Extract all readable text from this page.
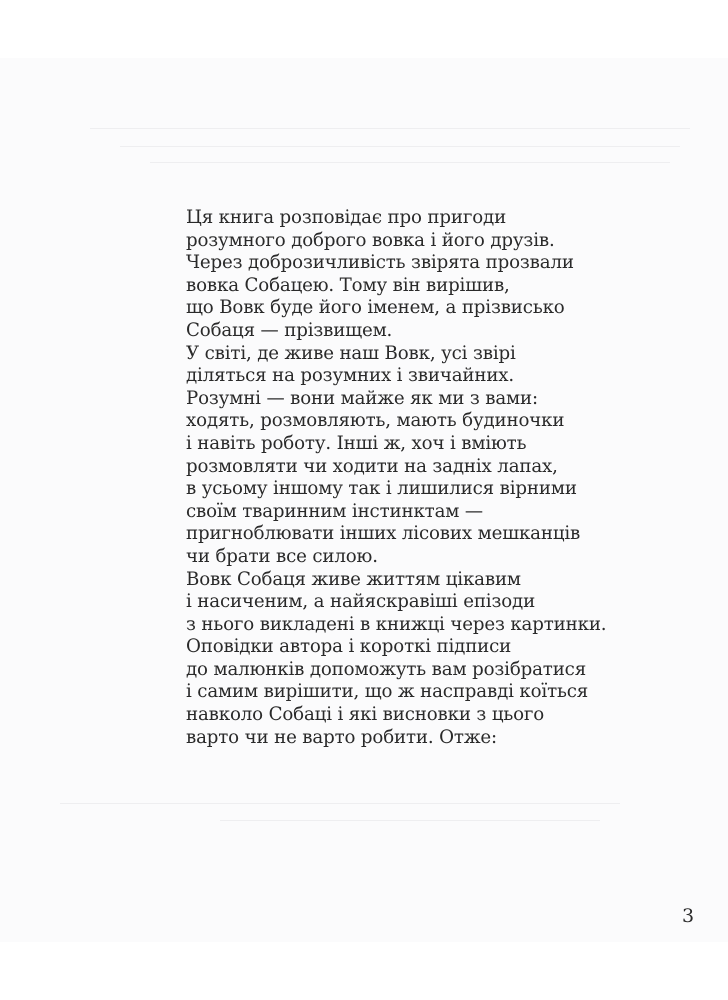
Ця книга розповідає про пригоди
розумного доброго вовка і його друзів.
Через доброзичливість звірята прозвали
вовка Собацею. Тому він вирішив,
що Вовк буде його іменем, а прізвисько
Собаця — прізвищем.
У світі, де живе наш Вовк, усі звірі
діляться на розумних і звичайних.
Розумні — вони майже як ми з вами:
ходять, розмовляють, мають будиночки
і навіть роботу. Інші ж, хоч і вміють
розмовляти чи ходити на задніх лапах,
в усьому іншому так і лишилися вірними
своїм тваринним інстинктам —
пригноблювати інших лісових мешканців
чи брати все силою.
Вовк Собаця живе життям цікавим
і насиченим, а найяскравіші епізоди
з нього викладені в книжці через картинки.
Оповідки автора і короткі підписи
до малюнків допоможуть вам розібратися
і самим вирішити, що ж насправді коїться
навколо Собаці і які висновки з цього
варто чи не варто робити. Отже:
3
